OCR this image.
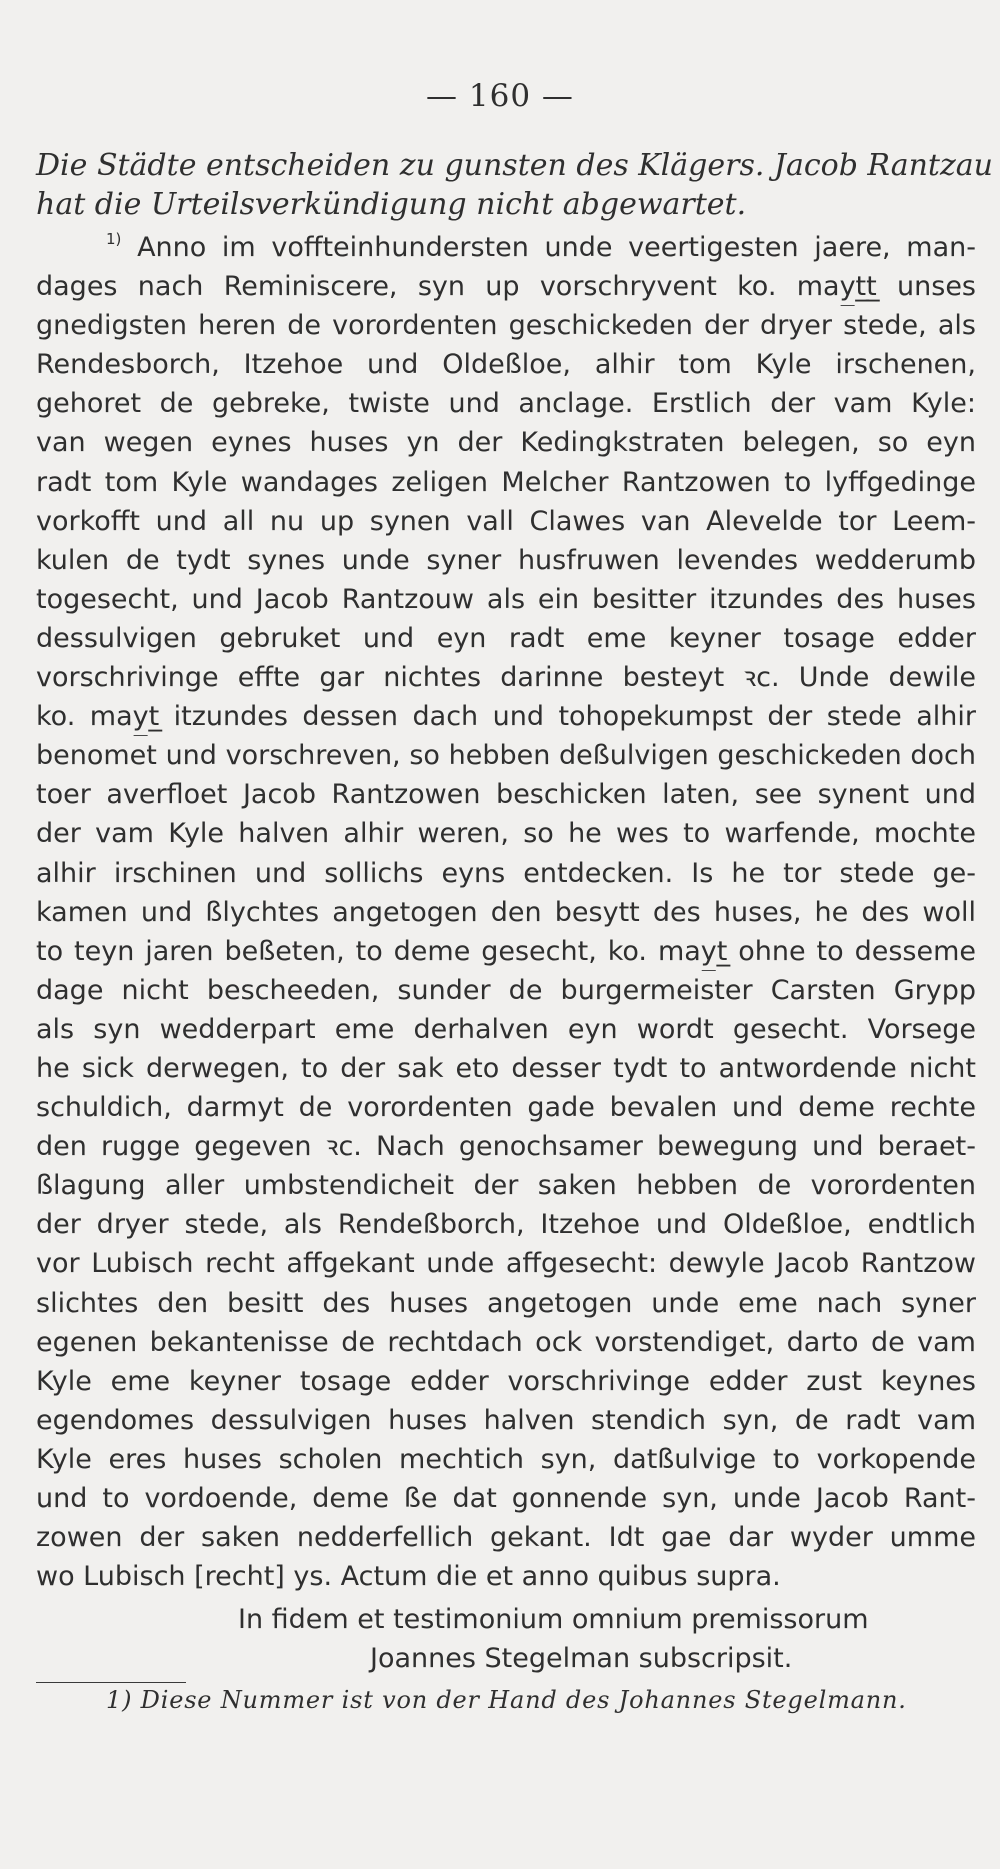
— 160 —
Die Städte entscheiden zu gunsten des Klägers. Jacob Rantzau
hat die Urteilsverkündigung nicht abgewartet.
$^{1)}$ Anno im voffteinhundersten unde veertigesten jaere, man-
dages nach Reminiscere, syn up vorschryvent ko. may̲t̲t̲ unses
gnedigsten heren de vorordenten geschickeden der dryer stede, als
Rendesborch, Itzehoe und Oldeßloe, alhir tom Kyle irschenen,
gehoret de gebreke, twiste und anclage. Erstlich der vam Kyle:
van wegen eynes huses yn der Kedingkstraten belegen, so eyn
radt tom Kyle wandages zeligen Melcher Rantzowen to lyffgedinge
vorkofft und all nu up synen vall Clawes van Alevelde tor Leem-
kulen de tydt synes unde syner husfruwen levendes wedderumb
togesecht, und Jacob Rantzouw als ein besitter itzundes des huses
dessulvigen gebruket und eyn radt eme keyner tosage edder
vorschrivinge effte gar nichtes darinne besteyt ꝛc. Unde dewile
ko. may̲t̲ itzundes dessen dach und tohopekumpst der stede alhir
benomet und vorschreven, so hebben deßulvigen geschickeden doch
toer averfloet Jacob Rantzowen beschicken laten, see synent und
der vam Kyle halven alhir weren, so he wes to warfende, mochte
alhir irschinen und sollichs eyns entdecken. Is he tor stede ge-
kamen und ßlychtes angetogen den besytt des huses, he des woll
to teyn jaren beßeten, to deme gesecht, ko. may̲t̲ ohne to desseme
dage nicht bescheeden, sunder de burgermeister Carsten Grypp
als syn wedderpart eme derhalven eyn wordt gesecht. Vorsege
he sick derwegen, to der sak eto desser tydt to antwordende nicht
schuldich, darmyt de vorordenten gade bevalen und deme rechte
den rugge gegeven ꝛc. Nach genochsamer bewegung und beraet-
ßlagung aller umbstendicheit der saken hebben de vorordenten
der dryer stede, als Rendeßborch, Itzehoe und Oldeßloe, endtlich
vor Lubisch recht affgekant unde affgesecht: dewyle Jacob Rantzow
slichtes den besitt des huses angetogen unde eme nach syner
egenen bekantenisse de rechtdach ock vorstendiget, darto de vam
Kyle eme keyner tosage edder vorschrivinge edder zust keynes
egendomes dessulvigen huses halven stendich syn, de radt vam
Kyle eres huses scholen mechtich syn, datßulvige to vorkopende
und to vordoende, deme ße dat gonnende syn, unde Jacob Rant-
zowen der saken nedderfellich gekant. Idt gae dar wyder umme
wo Lubisch [recht] ys. Actum die et anno quibus supra.
In fidem et testimonium omnium premissorum
Joannes Stegelman subscripsit.
1) Diese Nummer ist von der Hand des Johannes Stegelmann.
